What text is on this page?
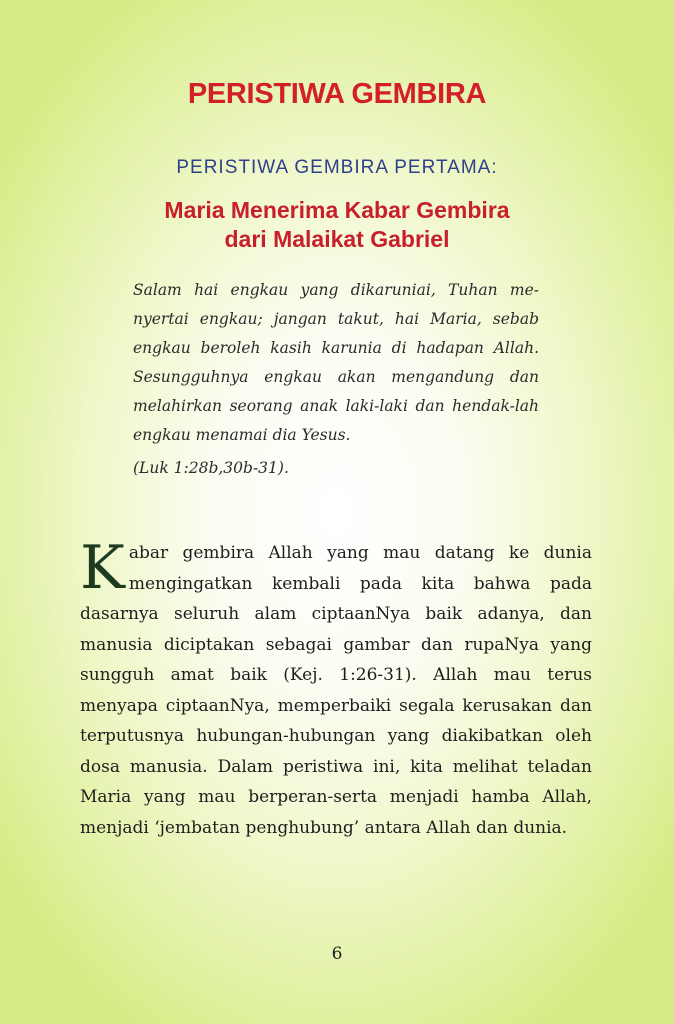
PERISTIWA GEMBIRA
PERISTIWA GEMBIRA PERTAMA:
Maria Menerima Kabar Gembira
dari Malaikat Gabriel
Salam hai engkau yang dikaruniai, Tuhan me-nyertai engkau; jangan takut, hai Maria, sebab engkau beroleh kasih karunia di hadapan Allah. Sesungguhnya engkau akan mengandung dan melahirkan seorang anak laki-laki dan hendak-lah engkau menamai dia Yesus.
(Luk 1:28b,30b-31).
Kabar gembira Allah yang mau datang ke dunia mengingatkan kembali pada kita bahwa pada dasarnya seluruh alam ciptaanNya baik adanya, dan manusia diciptakan sebagai gambar dan rupaNya yang sungguh amat baik (Kej. 1:26-31). Allah mau terus menyapa ciptaanNya, memperbaiki segala kerusakan dan terputusnya hubungan-hubungan yang diakibatkan oleh dosa manusia. Dalam peristiwa ini, kita melihat teladan Maria yang mau berperan-serta menjadi hamba Allah, menjadi ‘jembatan penghubung’ antara Allah dan dunia.
6
